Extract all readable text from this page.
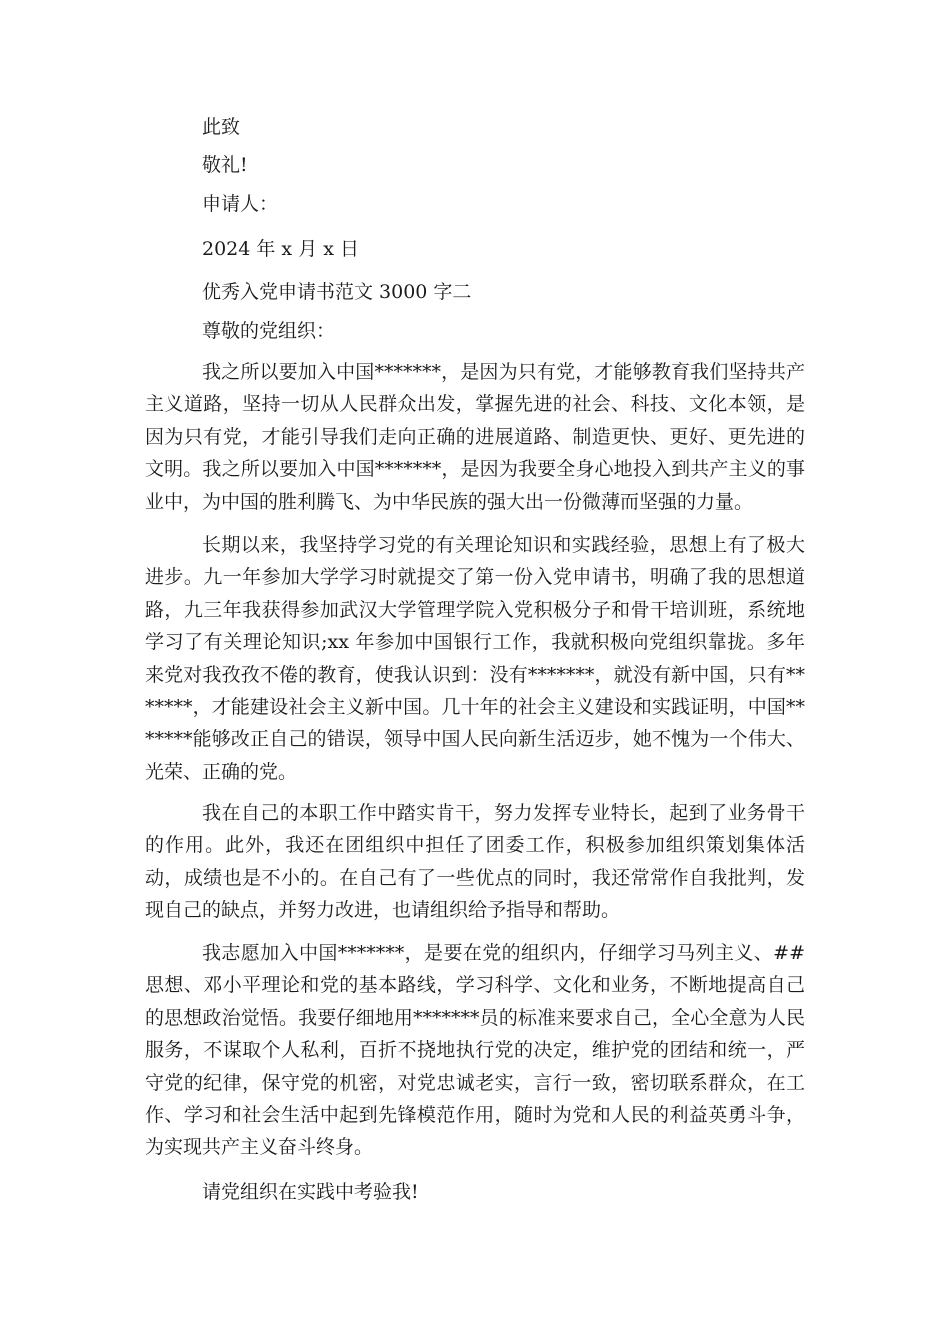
此致
敬礼!
申请人：
2024 年 x 月 x 日
优秀入党申请书范文 3000 字二
尊敬的党组织：
我之所以要加入中国*******，是因为只有党，才能够教育我们坚持共产主义道路，坚持一切从人民群众出发，掌握先进的社会、科技、文化本领，是因为只有党，才能引导我们走向正确的进展道路、制造更快、更好、更先进的文明。我之所以要加入中国*******，是因为我要全身心地投入到共产主义的事业中，为中国的胜利腾飞、为中华民族的强大出一份微薄而坚强的力量。
长期以来，我坚持学习党的有关理论知识和实践经验，思想上有了极大进步。九一年参加大学学习时就提交了第一份入党申请书，明确了我的思想道路，九三年我获得参加武汉大学管理学院入党积极分子和骨干培训班，系统地学习了有关理论知识;xx 年参加中国银行工作，我就积极向党组织靠拢。多年来党对我孜孜不倦的教育，使我认识到：没有*******，就没有新中国，只有*******，才能建设社会主义新中国。几十年的社会主义建设和实践证明，中国*******能够改正自己的错误，领导中国人民向新生活迈步，她不愧为一个伟大、光荣、正确的党。
我在自己的本职工作中踏实肯干，努力发挥专业特长，起到了业务骨干的作用。此外，我还在团组织中担任了团委工作，积极参加组织策划集体活动，成绩也是不小的。在自己有了一些优点的同时，我还常常作自我批判，发现自己的缺点，并努力改进，也请组织给予指导和帮助。
我志愿加入中国*******，是要在党的组织内，仔细学习马列主义、##思想、邓小平理论和党的基本路线，学习科学、文化和业务，不断地提高自己的思想政治觉悟。我要仔细地用*******员的标准来要求自己，全心全意为人民服务，不谋取个人私利，百折不挠地执行党的决定，维护党的团结和统一，严守党的纪律，保守党的机密，对党忠诚老实，言行一致，密切联系群众，在工作、学习和社会生活中起到先锋模范作用，随时为党和人民的利益英勇斗争，为实现共产主义奋斗终身。
请党组织在实践中考验我!
